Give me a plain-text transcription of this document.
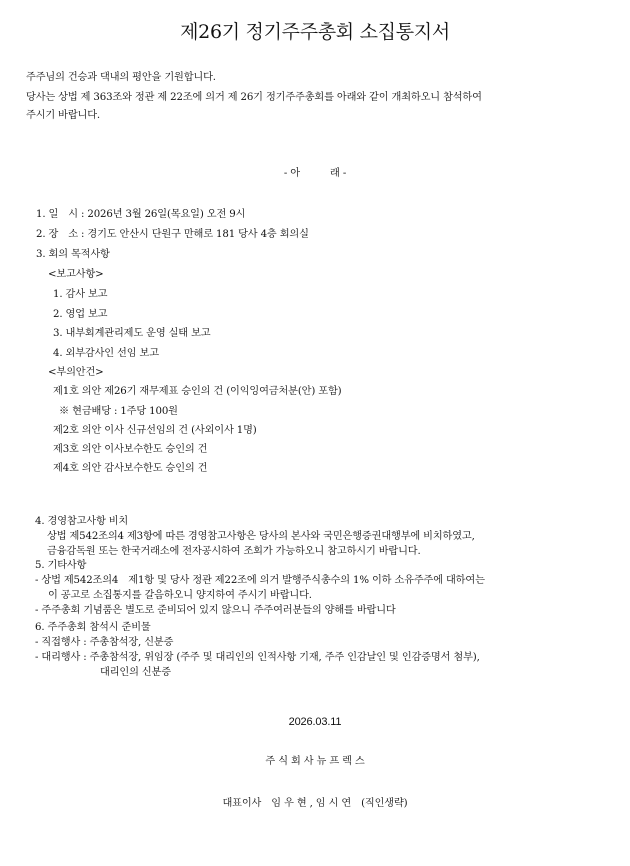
제26기 정기주주총회 소집통지서
주주님의 건승과 댁내의 평안을 기원합니다.
당사는 상법 제 363조와 정관 제 22조에 의거 제 26기 정기주주총회를 아래와 같이 개최하오니 참석하여
주시기 바랍니다.
- 아　　　래 -
1. 일　시 : 2026년 3월 26일(목요일) 오전 9시
2. 장　소 : 경기도 안산시 단원구 만해로 181 당사 4층 회의실
3. 회의 목적사항
<보고사항>
1. 감사 보고
2. 영업 보고
3. 내부회계관리제도 운영 실태 보고
4. 외부감사인 선임 보고
<부의안건>
제1호 의안 제26기 재무제표 승인의 건 (이익잉여금처분(안) 포함)
※ 현금배당 : 1주당 100원
제2호 의안 이사 신규선임의 건 (사외이사 1명)
제3호 의안 이사보수한도 승인의 건
제4호 의안 감사보수한도 승인의 건
4. 경영참고사항 비치
상법 제542조의4 제3항에 따른 경영참고사항은 당사의 본사와 국민은행증권대행부에 비치하였고,
금융감독원 또는 한국거래소에 전자공시하여 조회가 가능하오니 참고하시기 바랍니다.
5. 기타사항
- 상법 제542조의4　제1항 및 당사 정관 제22조에 의거 발행주식총수의 1% 이하 소유주주에 대하여는
이 공고로 소집통지를 갈음하오니 양지하여 주시기 바랍니다.
- 주주총회 기념품은 별도로 준비되어 있지 않으니 주주여러분들의 양해를 바랍니다
6. 주주총회 참석시 준비물
- 직접행사 : 주총참석장, 신분증
- 대리행사 : 주총참석장, 위임장 (주주 및 대리인의 인적사항 기재, 주주 인감날인 및 인감증명서 첨부),
대리인의 신분증
2026.03.11
주 식 회 사 뉴 프 렉 스
대표이사　임 우 현 , 임 시 연　(직인생략)
